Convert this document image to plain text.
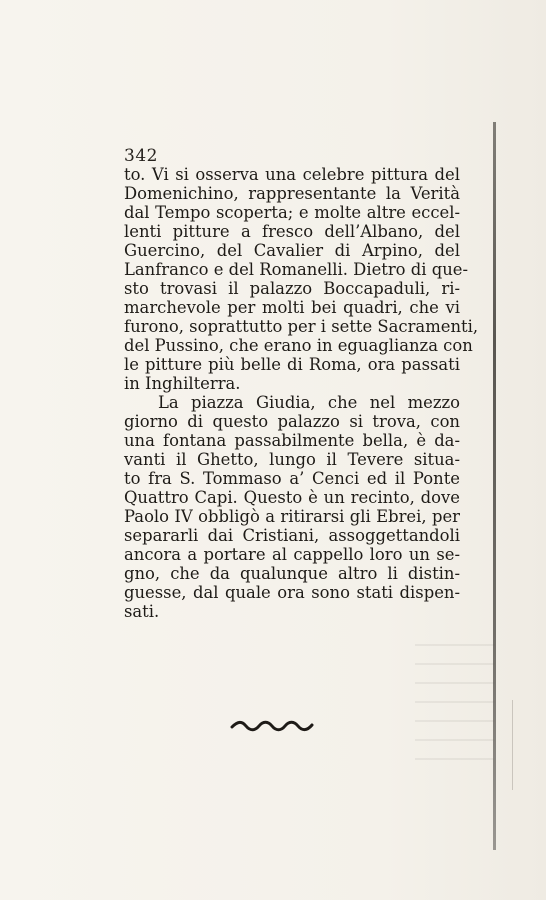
342
to. Vi si osserva una celebre pittura del
Domenichino, rappresentante la Verità
dal Tempo scoperta; e molte altre eccel-
lenti pitture a fresco dell’Albano, del
Guercino, del Cavalier di Arpino, del
Lanfranco e del Romanelli. Dietro di que-
sto trovasi il palazzo Boccapaduli, ri-
marchevole per molti bei quadri, che vi
furono, soprattutto per i sette Sacramenti,
del Pussino, che erano in eguaglianza con
le pitture più belle di Roma, ora passati
in Inghilterra.
La piazza Giudia, che nel mezzo
giorno di questo palazzo si trova, con
una fontana passabilmente bella, è da-
vanti il Ghetto, lungo il Tevere situa-
to fra S. Tommaso a’ Cenci ed il Ponte
Quattro Capi. Questo è un recinto, dove
Paolo IV obbligò a ritirarsi gli Ebrei, per
separarli dai Cristiani, assoggettandoli
ancora a portare al cappello loro un se-
gno, che da qualunque altro li distin-
guesse, dal quale ora sono stati dispen-
sati.
